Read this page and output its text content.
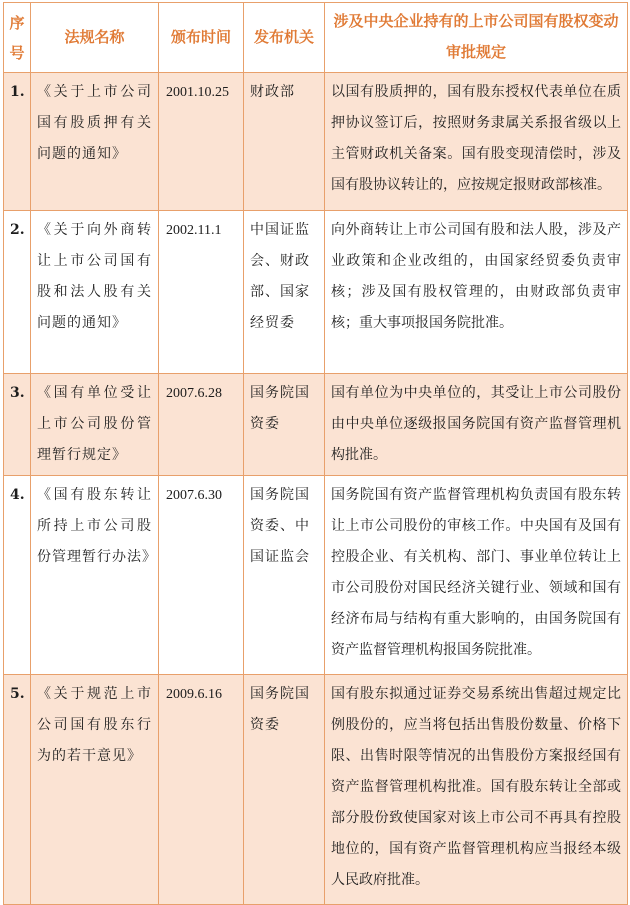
序号	法规名称	颁布时间	发布机关	涉及中央企业持有的上市公司国有股权变动审批规定
1.	《关于上市公司国有股质押有关问题的通知》	2001.10.25	财政部	以国有股质押的，国有股东授权代表单位在质押协议签订后，按照财务隶属关系报省级以上主管财政机关备案。国有股变现清偿时，涉及国有股协议转让的，应按规定报财政部核准。
2.	《关于向外商转让上市公司国有股和法人股有关问题的通知》	2002.11.1	中国证监会、财政部、国家经贸委	向外商转让上市公司国有股和法人股，涉及产业政策和企业改组的，由国家经贸委负责审核；涉及国有股权管理的，由财政部负责审核；重大事项报国务院批准。
3.	《国有单位受让上市公司股份管理暂行规定》	2007.6.28	国务院国资委	国有单位为中央单位的，其受让上市公司股份由中央单位逐级报国务院国有资产监督管理机构批准。
4.	《国有股东转让所持上市公司股份管理暂行办法》	2007.6.30	国务院国资委、中国证监会	国务院国有资产监督管理机构负责国有股东转让上市公司股份的审核工作。中央国有及国有控股企业、有关机构、部门、事业单位转让上市公司股份对国民经济关键行业、领域和国有经济布局与结构有重大影响的，由国务院国有资产监督管理机构报国务院批准。
5.	《关于规范上市公司国有股东行为的若干意见》	2009.6.16	国务院国资委	国有股东拟通过证券交易系统出售超过规定比例股份的，应当将包括出售股份数量、价格下限、出售时限等情况的出售股份方案报经国有资产监督管理机构批准。国有股东转让全部或部分股份致使国家对该上市公司不再具有控股地位的，国有资产监督管理机构应当报经本级人民政府批准。
